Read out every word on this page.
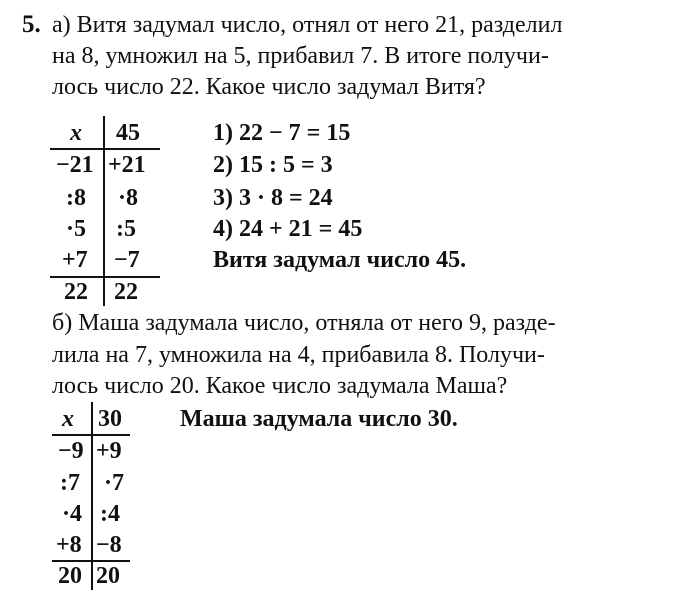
5. а) Витя задумал число, отнял от него 21, разделил
на 8, умножил на 5, прибавил 7. В итоге получи-
лось число 22. Какое число задумал Витя?
x 45
−21 +21
:8 ·8
·5 :5
+7 −7
22 22
1) 22 − 7 = 15
2) 15 : 5 = 3
3) 3 · 8 = 24
4) 24 + 21 = 45
Витя задумал число 45.
б) Маша задумала число, отняла от него 9, разде-
лила на 7, умножила на 4, прибавила 8. Получи-
лось число 20. Какое число задумала Маша?
x 30
−9 +9
:7 ·7
·4 :4
+8 −8
20 20
Маша задумала число 30.
